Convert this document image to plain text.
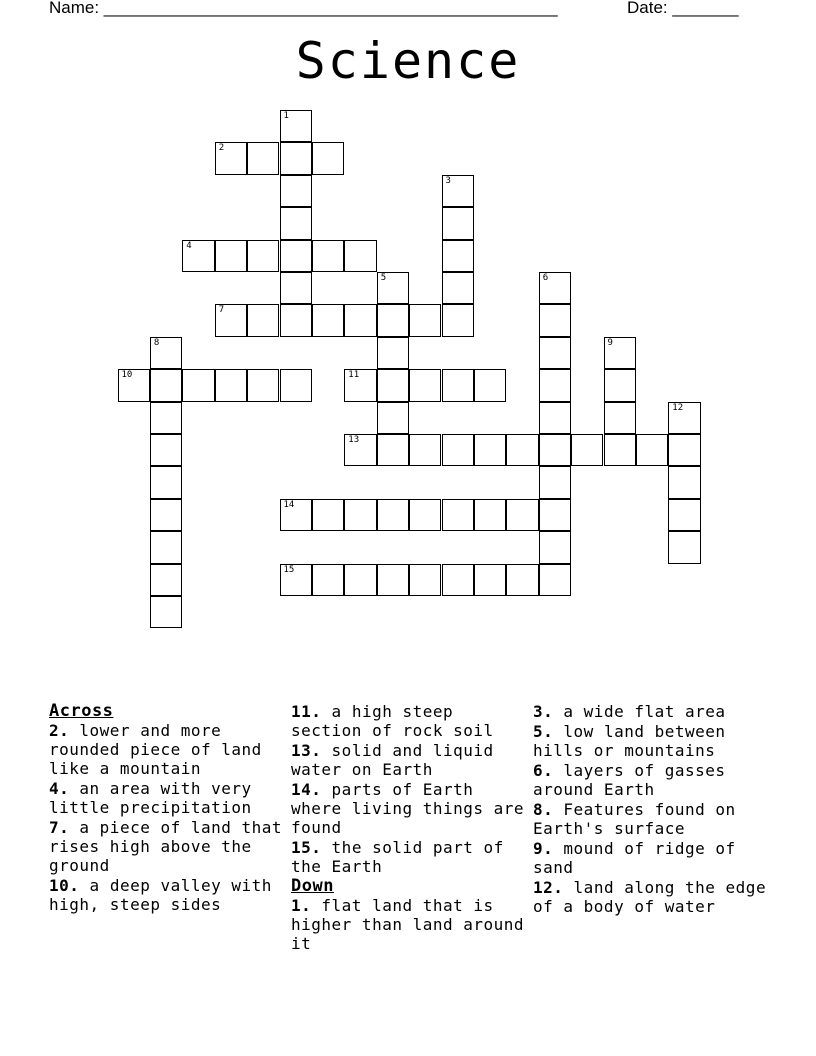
Name: ________________________________________________	Date: _______
Science
1
2
3
4
5	6
7
8	9
10	11
12
13
14
15
Across
2. lower and more rounded piece of land like a mountain
4. an area with very little precipitation
7. a piece of land that rises high above the ground
10. a deep valley with high, steep sides
11. a high steep section of rock soil
13. solid and liquid water on Earth
14. parts of Earth where living things are found
15. the solid part of the Earth
Down
1. flat land that is higher than land around it
3. a wide flat area
5. low land between hills or mountains
6. layers of gasses around Earth
8. Features found on Earth's surface
9. mound of ridge of sand
12. land along the edge of a body of water
